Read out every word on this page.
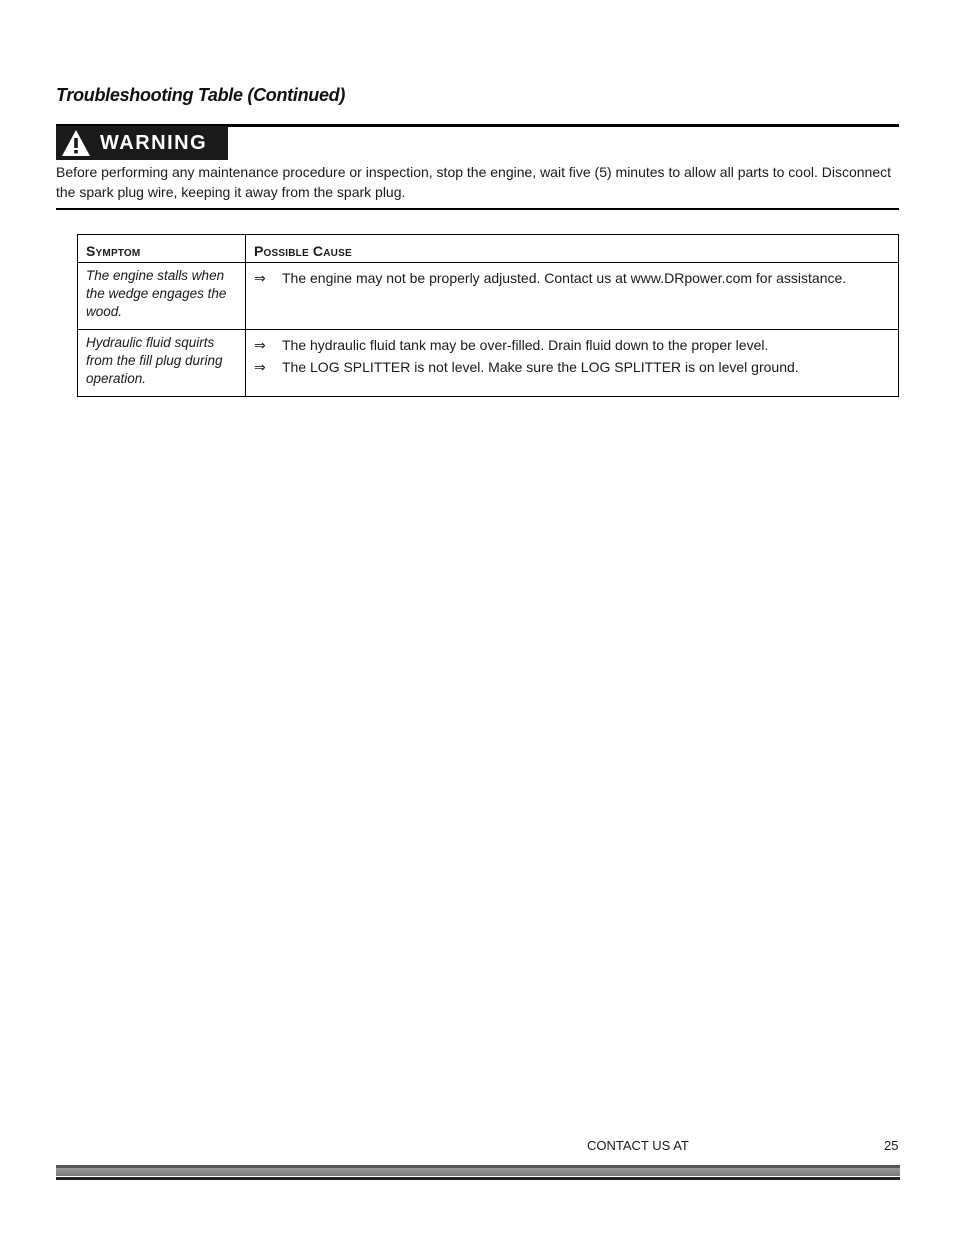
Troubleshooting Table (Continued)
WARNING
Before performing any maintenance procedure or inspection, stop the engine, wait five (5) minutes to allow all parts to cool. Disconnect the spark plug wire, keeping it away from the spark plug.
Symptom	Possible Cause
The engine stalls when the wedge engages the wood.	⇒ The engine may not be properly adjusted. Contact us at www.DRpower.com for assistance.

Hydraulic fluid squirts from the fill plug during operation.	⇒ The hydraulic fluid tank may be over-filled. Drain fluid down to the proper level.
⇒ The LOG SPLITTER is not level. Make sure the LOG SPLITTER is on level ground.
CONTACT US AT	25
